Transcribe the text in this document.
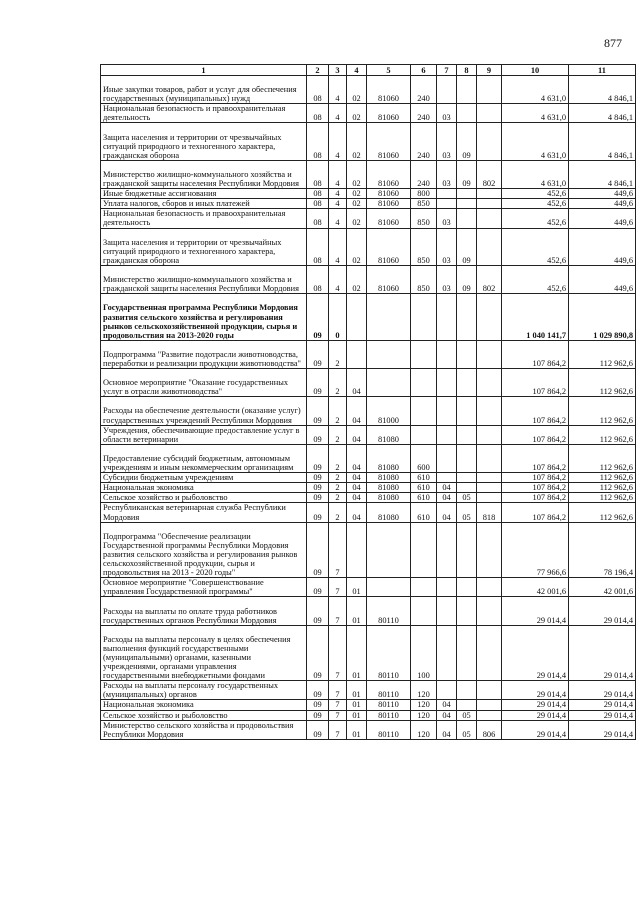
877
1	2	3	4	5	6	7	8	9	10	11
Иные закупки товаров, работ и услуг для обеспечения государственных (муниципальных) нужд	08	4	02	81060	240				4 631,0	4 846,1
Национальная безопасность и правоохранительная деятельность	08	4	02	81060	240	03			4 631,0	4 846,1
Защита населения и территории от чрезвычайных ситуаций природного и техногенного характера, гражданская оборона	08	4	02	81060	240	03	09		4 631,0	4 846,1
Министерство жилищно-коммунального хозяйства и гражданской защиты населения Республики Мордовия	08	4	02	81060	240	03	09	802	4 631,0	4 846,1
Иные бюджетные ассигнования	08	4	02	81060	800				452,6	449,6
Уплата налогов, сборов и иных платежей	08	4	02	81060	850				452,6	449,6
Национальная безопасность и правоохранительная деятельность	08	4	02	81060	850	03			452,6	449,6
Защита населения и территории от чрезвычайных ситуаций природного и техногенного характера, гражданская оборона	08	4	02	81060	850	03	09		452,6	449,6
Министерство жилищно-коммунального хозяйства и гражданской защиты населения Республики Мордовия	08	4	02	81060	850	03	09	802	452,6	449,6
Государственная программа Республики Мордовия развития сельского хозяйства и регулирования рынков сельскохозяйственной продукции, сырья и продовольствия на 2013-2020 годы	09	0							1 040 141,7	1 029 890,8
Подпрограмма "Развитие подотрасли животноводства, переработки и реализации продукции животноводства"	09	2							107 864,2	112 962,6
Основное мероприятие "Оказание государственных услуг в отрасли животноводства"	09	2	04						107 864,2	112 962,6
Расходы на обеспечение деятельности (оказание услуг) государственных учреждений Республики Мордовия	09	2	04	81000					107 864,2	112 962,6
Учреждения, обеспечивающие предоставление услуг в области ветеринарии	09	2	04	81080					107 864,2	112 962,6
Предоставление субсидий бюджетным, автономным учреждениям и иным некоммерческим организациям	09	2	04	81080	600				107 864,2	112 962,6
Субсидии бюджетным учреждениям	09	2	04	81080	610				107 864,2	112 962,6
Национальная экономика	09	2	04	81080	610	04			107 864,2	112 962,6
Сельское хозяйство и рыболовство	09	2	04	81080	610	04	05		107 864,2	112 962,6
Республиканская ветеринарная служба Республики Мордовия	09	2	04	81080	610	04	05	818	107 864,2	112 962,6
Подпрограмма "Обеспечение реализации Государственной программы Республики Мордовия развития сельского хозяйства и регулирования рынков сельскохозяйственной продукции, сырья и продовольствия на 2013 - 2020 годы"	09	7							77 966,6	78 196,4
Основное мероприятие "Совершенствование управления Государственной программы"	09	7	01						42 001,6	42 001,6
Расходы на выплаты по оплате труда работников государственных органов Республики Мордовия	09	7	01	80110					29 014,4	29 014,4
Расходы на выплаты персоналу в целях обеспечения выполнения функций государственными (муниципальными) органами, казенными учреждениями, органами управления государственными внебюджетными фондами	09	7	01	80110	100				29 014,4	29 014,4
Расходы на выплаты персоналу государственных (муниципальных) органов	09	7	01	80110	120				29 014,4	29 014,4
Национальная экономика	09	7	01	80110	120	04			29 014,4	29 014,4
Сельское хозяйство и рыболовство	09	7	01	80110	120	04	05		29 014,4	29 014,4
Министерство сельского хозяйства и продовольствия Республики Мордовия	09	7	01	80110	120	04	05	806	29 014,4	29 014,4
